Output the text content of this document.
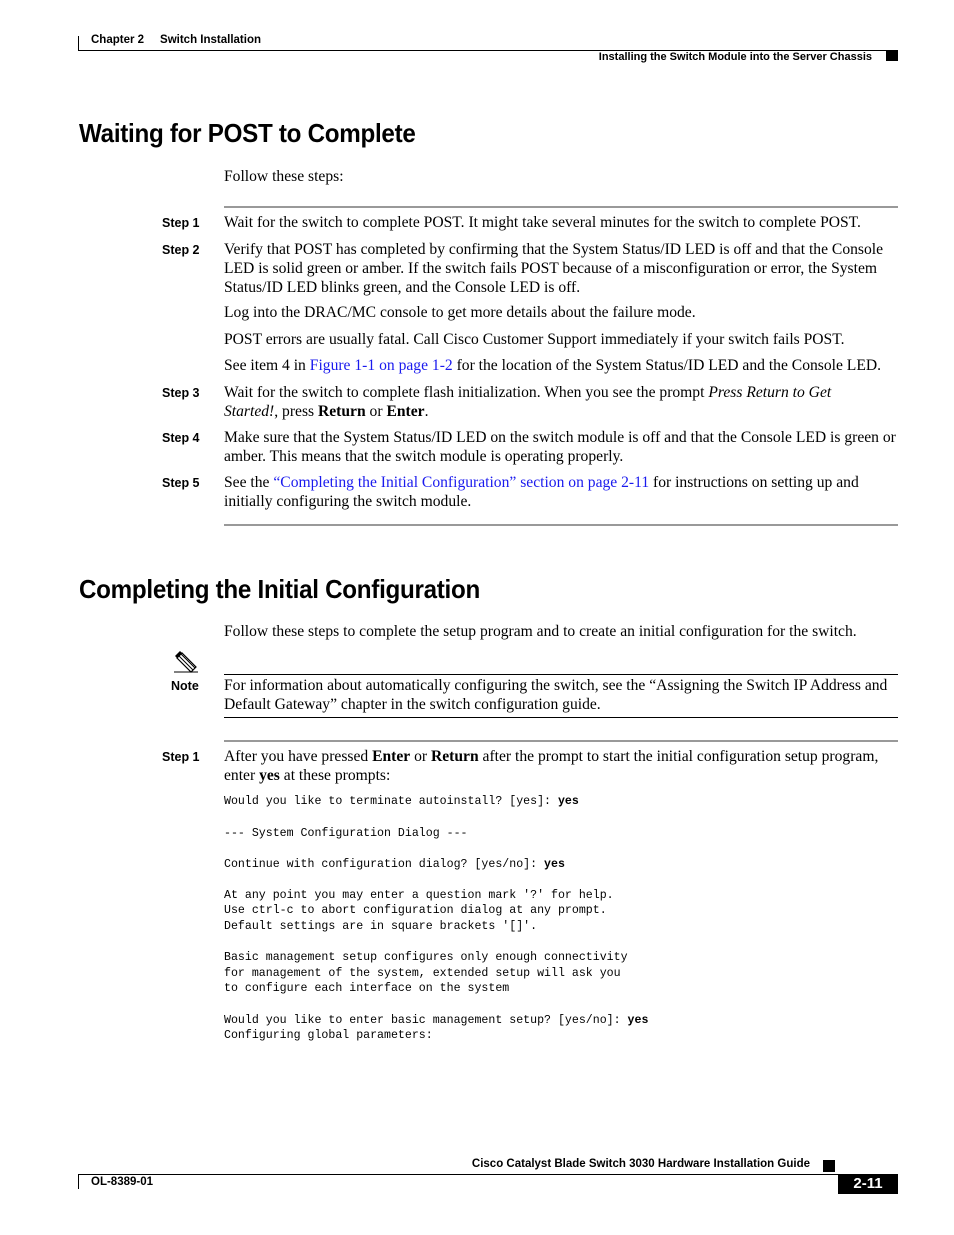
Chapter 2 Switch Installation
Installing the Switch Module into the Server Chassis
Waiting for POST to Complete
Follow these steps:
Step 1 Wait for the switch to complete POST. It might take several minutes for the switch to complete POST.
Step 2 Verify that POST has completed by confirming that the System Status/ID LED is off and that the Console LED is solid green or amber. If the switch fails POST because of a misconfiguration or error, the System Status/ID LED blinks green, and the Console LED is off.
Log into the DRAC/MC console to get more details about the failure mode.
POST errors are usually fatal. Call Cisco Customer Support immediately if your switch fails POST.
See item 4 in Figure 1-1 on page 1-2 for the location of the System Status/ID LED and the Console LED.
Step 3 Wait for the switch to complete flash initialization. When you see the prompt Press Return to Get Started!, press Return or Enter.
Step 4 Make sure that the System Status/ID LED on the switch module is off and that the Console LED is green or amber. This means that the switch module is operating properly.
Step 5 See the “Completing the Initial Configuration” section on page 2-11 for instructions on setting up and initially configuring the switch module.
Completing the Initial Configuration
Follow these steps to complete the setup program and to create an initial configuration for the switch.
Note For information about automatically configuring the switch, see the “Assigning the Switch IP Address and Default Gateway” chapter in the switch configuration guide.
Step 1 After you have pressed Enter or Return after the prompt to start the initial configuration setup program, enter yes at these prompts:
Would you like to terminate autoinstall? [yes]: yes
--- System Configuration Dialog ---
Continue with configuration dialog? [yes/no]: yes
At any point you may enter a question mark '?' for help.
Use ctrl-c to abort configuration dialog at any prompt.
Default settings are in square brackets '[]'.
Basic management setup configures only enough connectivity
for management of the system, extended setup will ask you
to configure each interface on the system
Would you like to enter basic management setup? [yes/no]: yes
Configuring global parameters:
Cisco Catalyst Blade Switch 3030 Hardware Installation Guide
OL-8389-01	2-11
